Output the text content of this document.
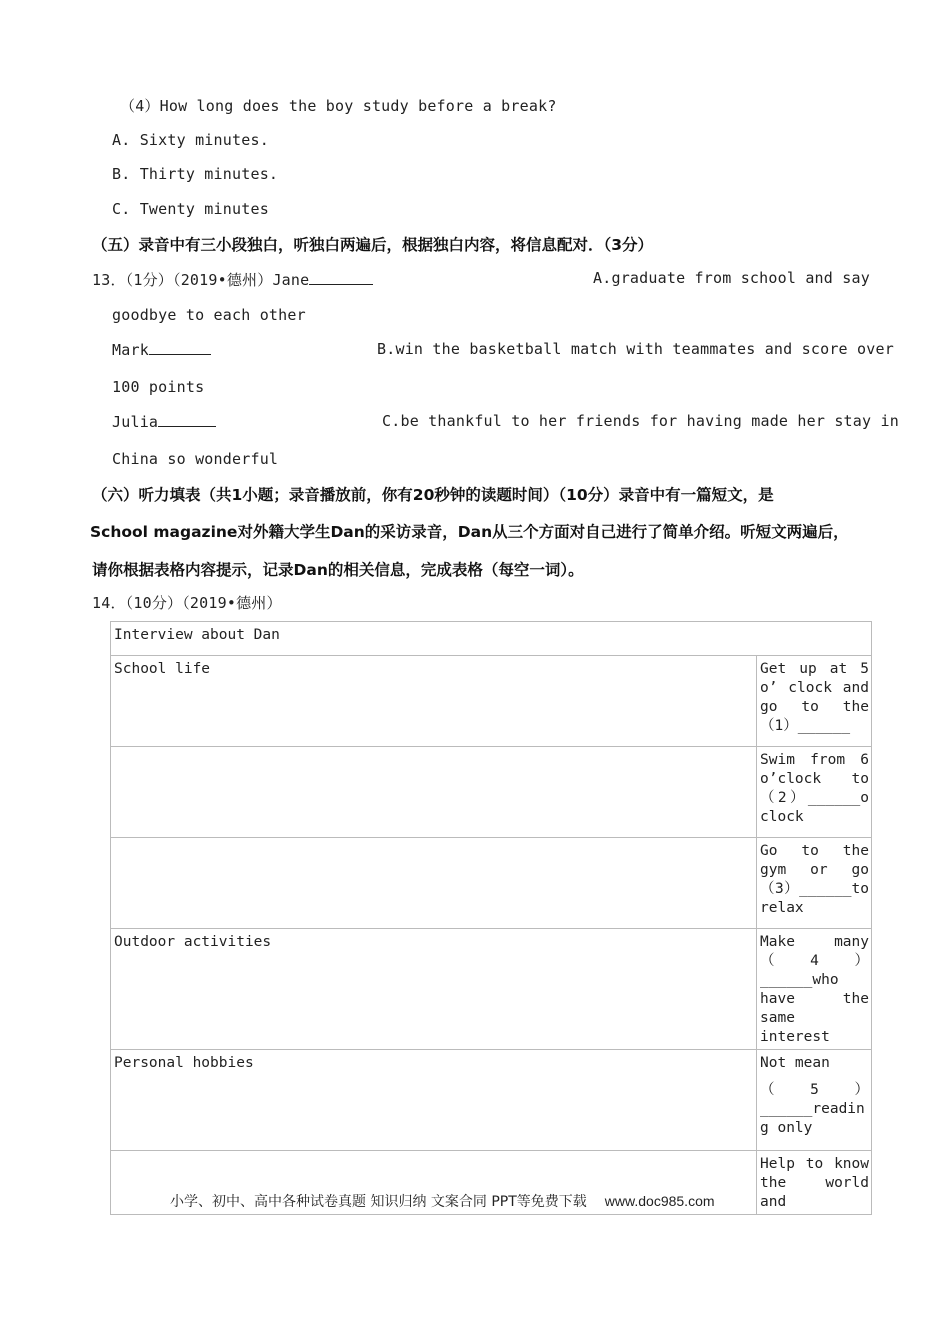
（4）How long does the boy study before a break?
A. Sixty minutes.
B. Thirty minutes.
C. Twenty minutes
（五）录音中有三小段独白，听独白两遍后，根据独白内容，将信息配对．（3分）
13．（1分）（2019•德州）Jane	A. graduate from school and say
goodbye to each other
Mark	B. win the basketball match with teammates and score over
100 points
Julia	C. be thankful to her friends for having made her stay in
China so wonderful
（六）听力填表（共1小题；录音播放前，你有20秒钟的读题时间）（10分）录音中有一篇短文，是
School magazine对外籍大学生Dan的采访录音，Dan从三个方面对自己进行了简单介绍。听短文两遍后，
请你根据表格内容提示，记录Dan的相关信息，完成表格（每空一词）。
14．（10分）（2019•德州）
Interview about Dan	
School life	Get up at 5 o’ clock and go to the（1）______
	Swim from 6 o’clock to （2）______o clock
	Go to the gym or go （3）______to relax
Outdoor activities	Make many （4）______who have the same interest
Personal hobbies	Not mean
（5）______reading only

	Help to know the world and
小学、初中、高中各种试卷真题 知识归纳 文案合同 PPT等免费下载 www.doc985.com
